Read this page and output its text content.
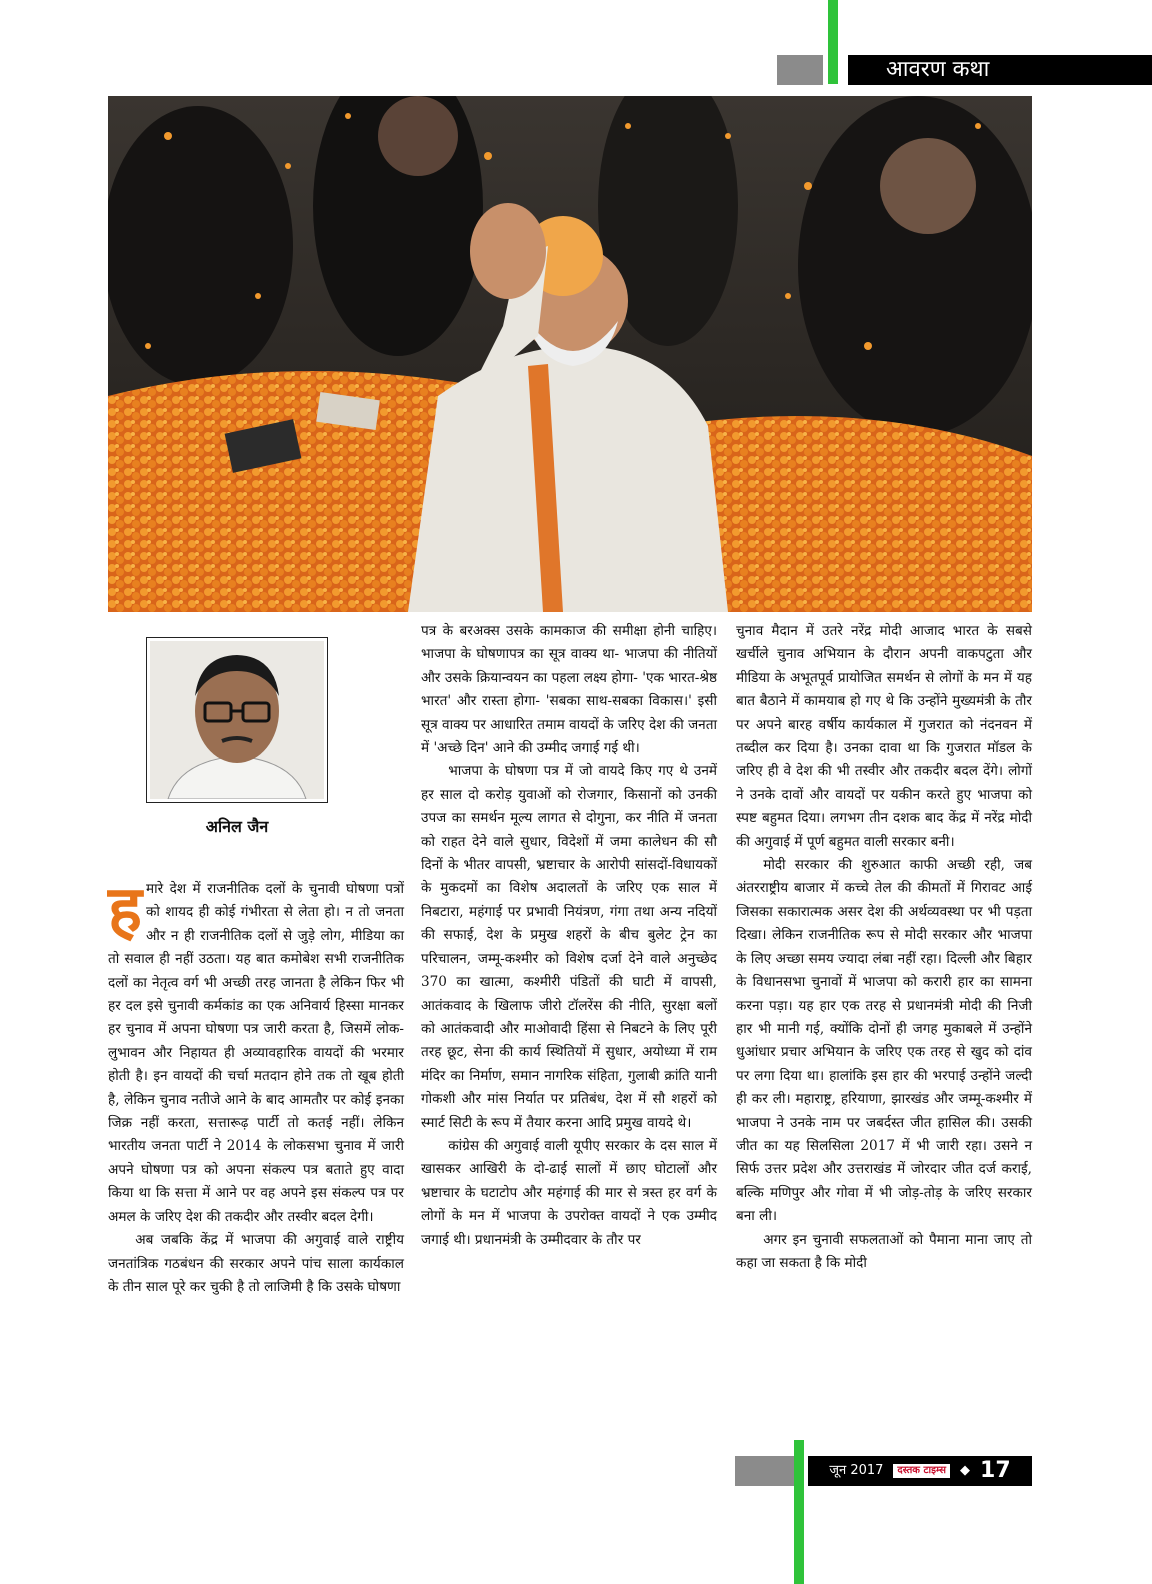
आवरण कथा
अनिल जैन

हमारे देश में राजनीतिक दलों के चुनावी घोषणा पत्रों को शायद ही कोई गंभीरता से लेता हो। न तो जनता और न ही राजनीतिक दलों से जुड़े लोग, मीडिया का तो सवाल ही नहीं उठता। यह बात कमोबेश सभी राजनीतिक दलों का नेतृत्व वर्ग भी अच्छी तरह जानता है लेकिन फिर भी हर दल इसे चुनावी कर्मकांड का एक अनिवार्य हिस्सा मानकर हर चुनाव में अपना घोषणा पत्र जारी करता है, जिसमें लोक-लुभावन और निहायत ही अव्यावहारिक वायदों की भरमार होती है। इन वायदों की चर्चा मतदान होने तक तो खूब होती है, लेकिन चुनाव नतीजे आने के बाद आमतौर पर कोई इनका जिक्र नहीं करता, सत्तारूढ़ पार्टी तो कतई नहीं। लेकिन भारतीय जनता पार्टी ने 2014 के लोकसभा चुनाव में जारी अपने घोषणा पत्र को अपना संकल्प पत्र बताते हुए वादा किया था कि सत्ता में आने पर वह अपने इस संकल्प पत्र पर अमल के जरिए देश की तकदीर और तस्वीर बदल देगी।

अब जबकि केंद्र में भाजपा की अगुवाई वाले राष्ट्रीय जनतांत्रिक गठबंधन की सरकार अपने पांच साला कार्यकाल के तीन साल पूरे कर चुकी है तो लाजिमी है कि उसके घोषणा

पत्र के बरअक्स उसके कामकाज की समीक्षा होनी चाहिए। भाजपा के घोषणापत्र का सूत्र वाक्य था- भाजपा की नीतियों और उसके क्रियान्वयन का पहला लक्ष्य होगा- 'एक भारत-श्रेष्ठ भारत' और रास्ता होगा- 'सबका साथ-सबका विकास।' इसी सूत्र वाक्य पर आधारित तमाम वायदों के जरिए देश की जनता में 'अच्छे दिन' आने की उम्मीद जगाई गई थी।

भाजपा के घोषणा पत्र में जो वायदे किए गए थे उनमें हर साल दो करोड़ युवाओं को रोजगार, किसानों को उनकी उपज का समर्थन मूल्य लागत से दोगुना, कर नीति में जनता को राहत देने वाले सुधार, विदेशों में जमा कालेधन की सौ दिनों के भीतर वापसी, भ्रष्टाचार के आरोपी सांसदों-विधायकों के मुकदमों का विशेष अदालतों के जरिए एक साल में निबटारा, महंगाई पर प्रभावी नियंत्रण, गंगा तथा अन्य नदियों की सफाई, देश के प्रमुख शहरों के बीच बुलेट ट्रेन का परिचालन, जम्मू-कश्मीर को विशेष दर्जा देने वाले अनुच्छेद 370 का खात्मा, कश्मीरी पंडितों की घाटी में वापसी, आतंकवाद के खिलाफ जीरो टॉलरेंस की नीति, सुरक्षा बलों को आतंकवादी और माओवादी हिंसा से निबटने के लिए पूरी तरह छूट, सेना की कार्य स्थितियों में सुधार, अयोध्या में राम मंदिर का निर्माण, समान नागरिक संहिता, गुलाबी क्रांति यानी गोकशी और मांस निर्यात पर प्रतिबंध, देश में सौ शहरों को स्मार्ट सिटी के रूप में तैयार करना आदि प्रमुख वायदे थे।

कांग्रेस की अगुवाई वाली यूपीए सरकार के दस साल में खासकर आखिरी के दो-ढाई सालों में छाए घोटालों और भ्रष्टाचार के घटाटोप और महंगाई की मार से त्रस्त हर वर्ग के लोगों के मन में भाजपा के उपरोक्त वायदों ने एक उम्मीद जगाई थी। प्रधानमंत्री के उम्मीदवार के तौर पर

चुनाव मैदान में उतरे नरेंद्र मोदी आजाद भारत के सबसे खर्चीले चुनाव अभियान के दौरान अपनी वाकपटुता और मीडिया के अभूतपूर्व प्रायोजित समर्थन से लोगों के मन में यह बात बैठाने में कामयाब हो गए थे कि उन्होंने मुख्यमंत्री के तौर पर अपने बारह वर्षीय कार्यकाल में गुजरात को नंदनवन में तब्दील कर दिया है। उनका दावा था कि गुजरात मॉडल के जरिए ही वे देश की भी तस्वीर और तकदीर बदल देंगे। लोगों ने उनके दावों और वायदों पर यकीन करते हुए भाजपा को स्पष्ट बहुमत दिया। लगभग तीन दशक बाद केंद्र में नरेंद्र मोदी की अगुवाई में पूर्ण बहुमत वाली सरकार बनी।

मोदी सरकार की शुरुआत काफी अच्छी रही, जब अंतरराष्ट्रीय बाजार में कच्चे तेल की कीमतों में गिरावट आई जिसका सकारात्मक असर देश की अर्थव्यवस्था पर भी पड़ता दिखा। लेकिन राजनीतिक रूप से मोदी सरकार और भाजपा के लिए अच्छा समय ज्यादा लंबा नहीं रहा। दिल्ली और बिहार के विधानसभा चुनावों में भाजपा को करारी हार का सामना करना पड़ा। यह हार एक तरह से प्रधानमंत्री मोदी की निजी हार भी मानी गई, क्योंकि दोनों ही जगह मुकाबले में उन्होंने धुआंधार प्रचार अभियान के जरिए एक तरह से खुद को दांव पर लगा दिया था। हालांकि इस हार की भरपाई उन्होंने जल्दी ही कर ली। महाराष्ट्र, हरियाणा, झारखंड और जम्मू-कश्मीर में भाजपा ने उनके नाम पर जबर्दस्त जीत हासिल की। उसकी जीत का यह सिलसिला 2017 में भी जारी रहा। उसने न सिर्फ उत्तर प्रदेश और उत्तराखंड में जोरदार जीत दर्ज कराई, बल्कि मणिपुर और गोवा में भी जोड़-तोड़ के जरिए सरकार बना ली।

अगर इन चुनावी सफलताओं को पैमाना माना जाए तो कहा जा सकता है कि मोदी

जून 2017	दस्तक टाइम्स	◆ 17
